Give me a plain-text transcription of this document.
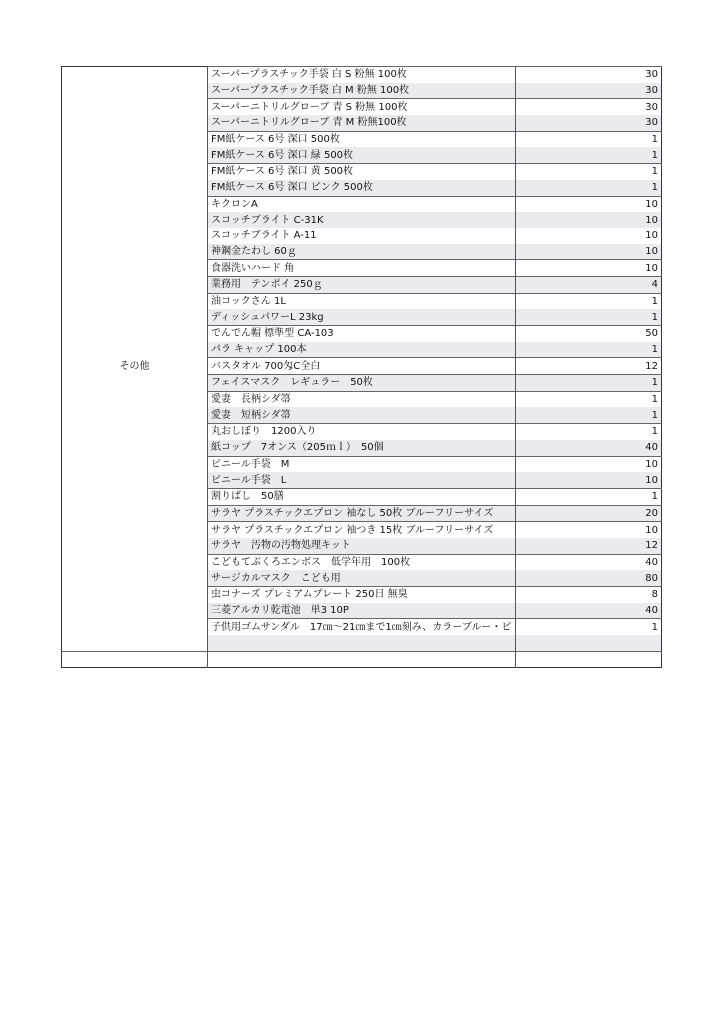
	スーパープラスチック手袋 白 S 粉無 100枚	30
	スーパープラスチック手袋 白 M 粉無 100枚	30
	スーパーニトリルグローブ 青 S 粉無 100枚	30
	スーパーニトリルグローブ 青 M 粉無100枚	30
	FM紙ケース 6号 深口 500枚	1
	FM紙ケース 6号 深口 緑 500枚	1
	FM紙ケース 6号 深口 黄 500枚	1
	FM紙ケース 6号 深口 ピンク 500枚	1
	キクロンA	10
	スコッチブライト C-31K	10
	スコッチブライト A-11	10
	神鋼金たわし 60ｇ	10
	食器洗いハード 角	10
	業務用　テンポイ 250ｇ	4
	油コックさん 1L	1
	ディッシュパワーL 23kg	1
	でんでん帽 標準型 CA-103	50
	パラ キャップ 100本	1
その他	バスタオル 700匁C全白	12
	フェイスマスク　レギュラー　50枚	1
	愛妻　長柄シダ箒	1
	愛妻　短柄シダ箒	1
	丸おしぼり　1200入り	1
	紙コップ　7オンス（205ｍｌ）　50個	40
	ビニール手袋　M	10
	ビニール手袋　L	10
	割りばし　50膳	1
	サラヤ プラスチックエプロン 袖なし 50枚 ブルーフリーサイズ	20
	サラヤ プラスチックエプロン 袖つき 15枚 ブルーフリーサイズ	10
	サラヤ　汚物の汚物処理キット	12
	こどもてぶくろエンボス　低学年用　100枚	40
	サージカルマスク　こども用	80
	虫コナーズ プレミアムプレート 250日 無臭	8
	三菱アルカリ乾電池　単3 10P	40
	子供用ゴムサンダル　17㎝～21㎝まで1㎝刻み、カラーブルー・ピ	1
